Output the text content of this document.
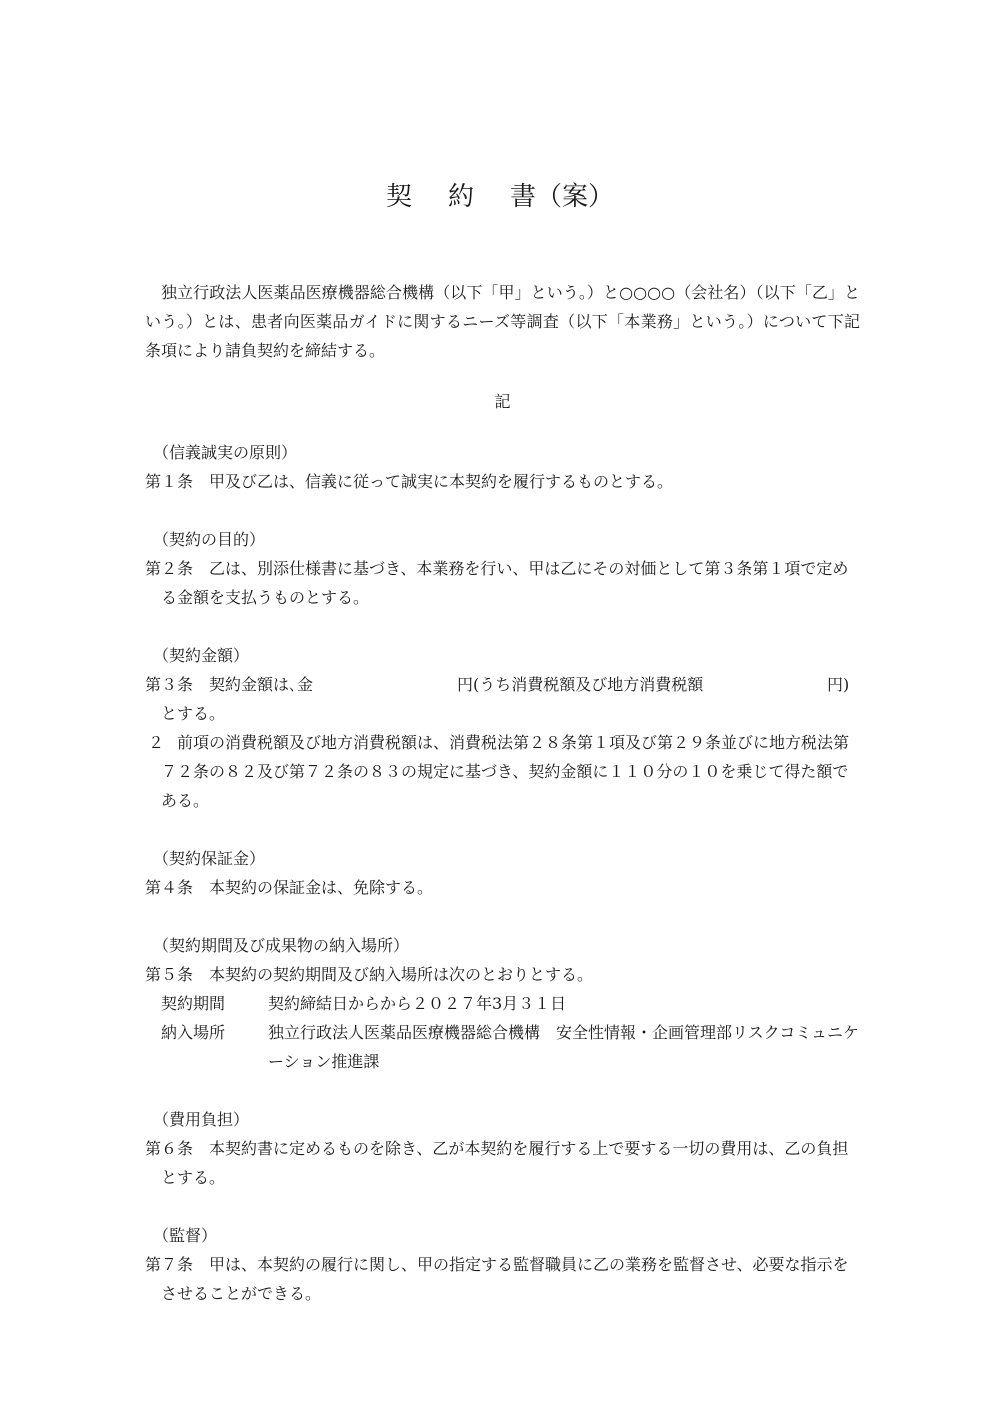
契 約 書（案）

独立行政法人医薬品医療機器総合機構（以下「甲」という。）と○○○○（会社名）（以下「乙」という。）とは、患者向医薬品ガイドに関するニーズ等調査（以下「本業務」という。）について下記条項により請負契約を締結する。

記

（信義誠実の原則）

第１条 甲及び乙は、信義に従って誠実に本契約を履行するものとする。

（契約の目的）

第２条 乙は、別添仕様書に基づき、本業務を行い、甲は乙にその対価として第３条第１項で定める金額を支払うものとする。

（契約金額）

第３条 契約金額は､金	円(うち消費税額及び地方消費税額	円)

とする。

２ 前項の消費税額及び地方消費税額は、消費税法第２８条第１項及び第２９条並びに地方税法第７２条の８２及び第７２条の８３の規定に基づき、契約金額に１１０分の１０を乗じて得た額である。

（契約保証金）

第４条 本契約の保証金は、免除する。

（契約期間及び成果物の納入場所）

第５条 本契約の契約期間及び納入場所は次のとおりとする。

契約期間	契約締結日からから２０２７年3月３１日
納入場所	独立行政法人医薬品医療機器総合機構　安全性情報・企画管理部リスクコミュニケーション推進課

（費用負担）

第６条 本契約書に定めるものを除き、乙が本契約を履行する上で要する一切の費用は、乙の負担とする。

（監督）

第７条 甲は、本契約の履行に関し、甲の指定する監督職員に乙の業務を監督させ、必要な指示をさせることができる。
